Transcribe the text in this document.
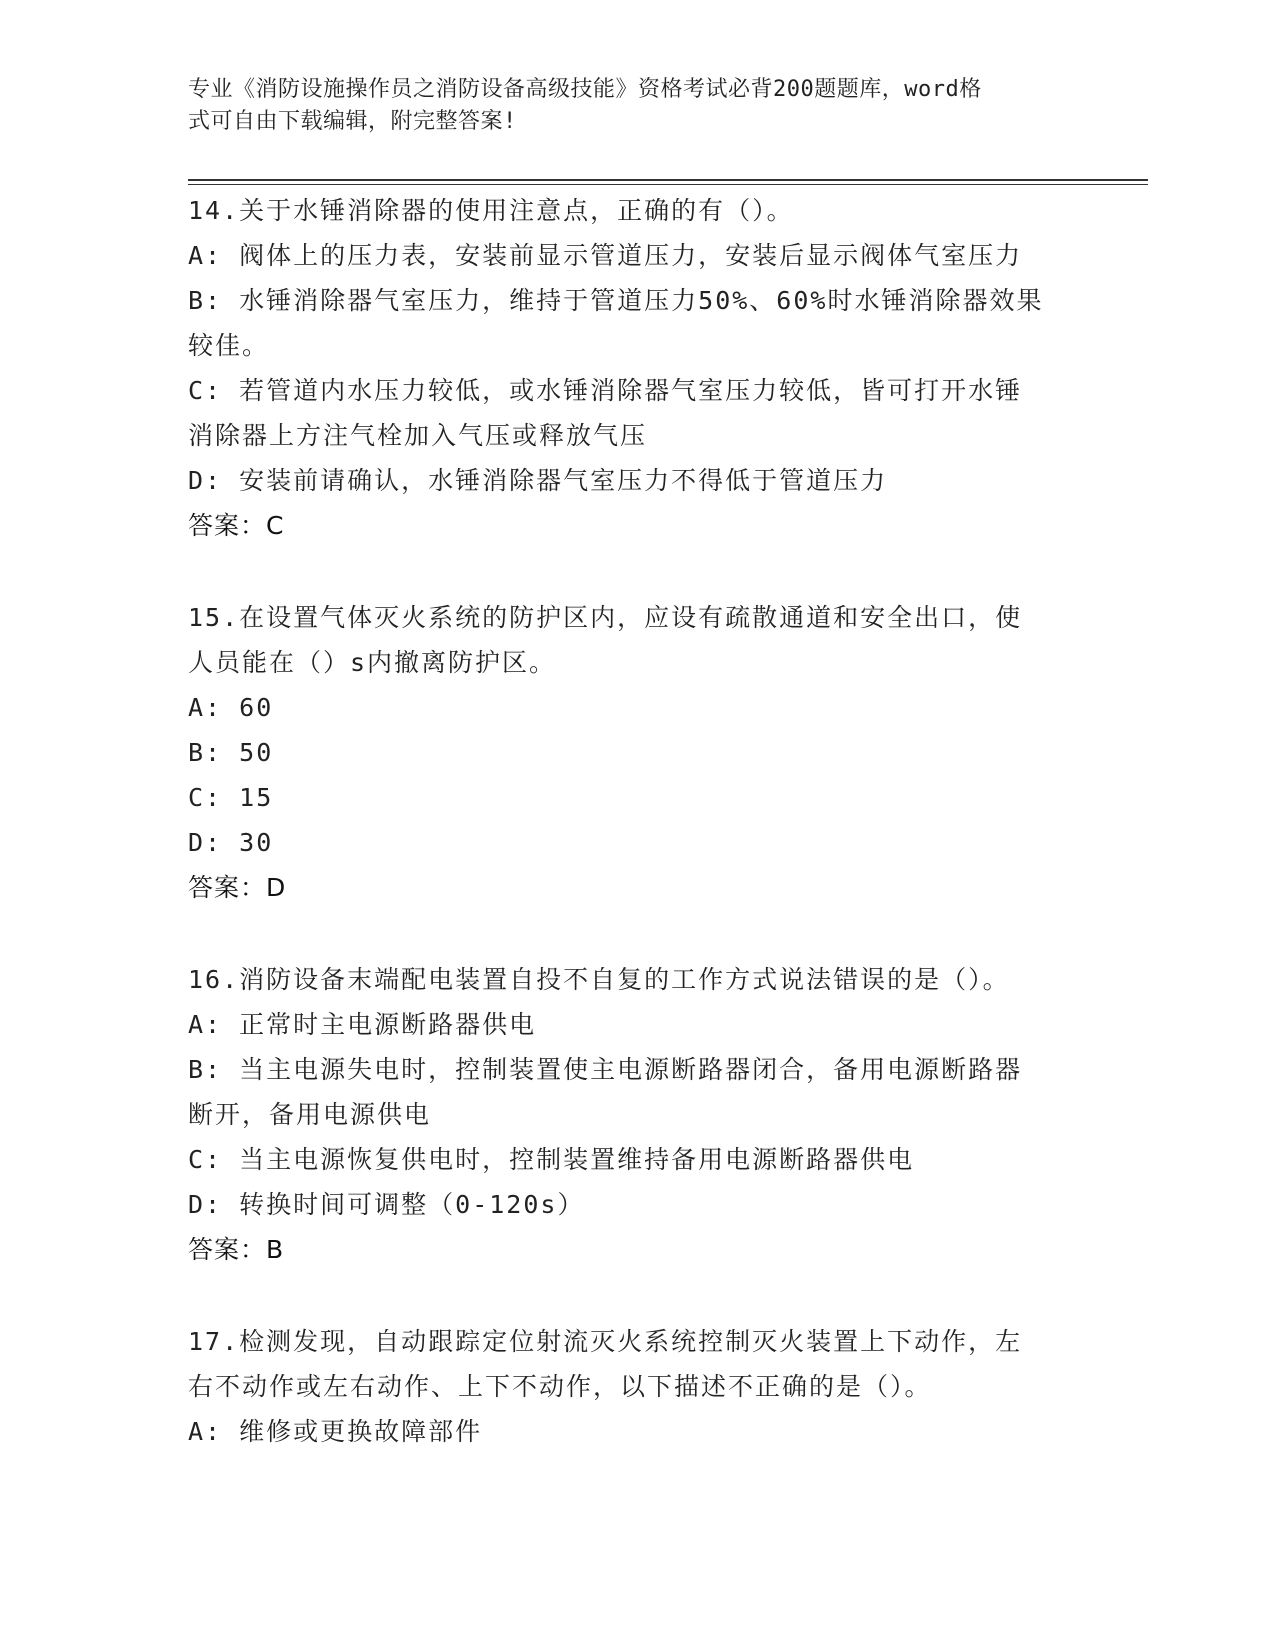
专业《消防设施操作员之消防设备高级技能》资格考试必背200题题库，word格
式可自由下载编辑，附完整答案!

14.关于水锤消除器的使用注意点，正确的有（）。

A: 阀体上的压力表，安装前显示管道压力，安装后显示阀体气室压力

B: 水锤消除器气室压力，维持于管道压力50%、60%时水锤消除器效果

较佳。

C: 若管道内水压力较低，或水锤消除器气室压力较低，皆可打开水锤

消除器上方注气栓加入气压或释放气压

D: 安装前请确认，水锤消除器气室压力不得低于管道压力

答案：C

15.在设置气体灭火系统的防护区内，应设有疏散通道和安全出口，使

人员能在（）s内撤离防护区。

A: 60

B: 50

C: 15

D: 30

答案：D

16.消防设备末端配电装置自投不自复的工作方式说法错误的是（）。

A: 正常时主电源断路器供电

B: 当主电源失电时，控制装置使主电源断路器闭合，备用电源断路器

断开，备用电源供电

C: 当主电源恢复供电时，控制装置维持备用电源断路器供电

D: 转换时间可调整（0-120s）

答案：B

17.检测发现，自动跟踪定位射流灭火系统控制灭火装置上下动作，左

右不动作或左右动作、上下不动作，以下描述不正确的是（）。

A: 维修或更换故障部件
